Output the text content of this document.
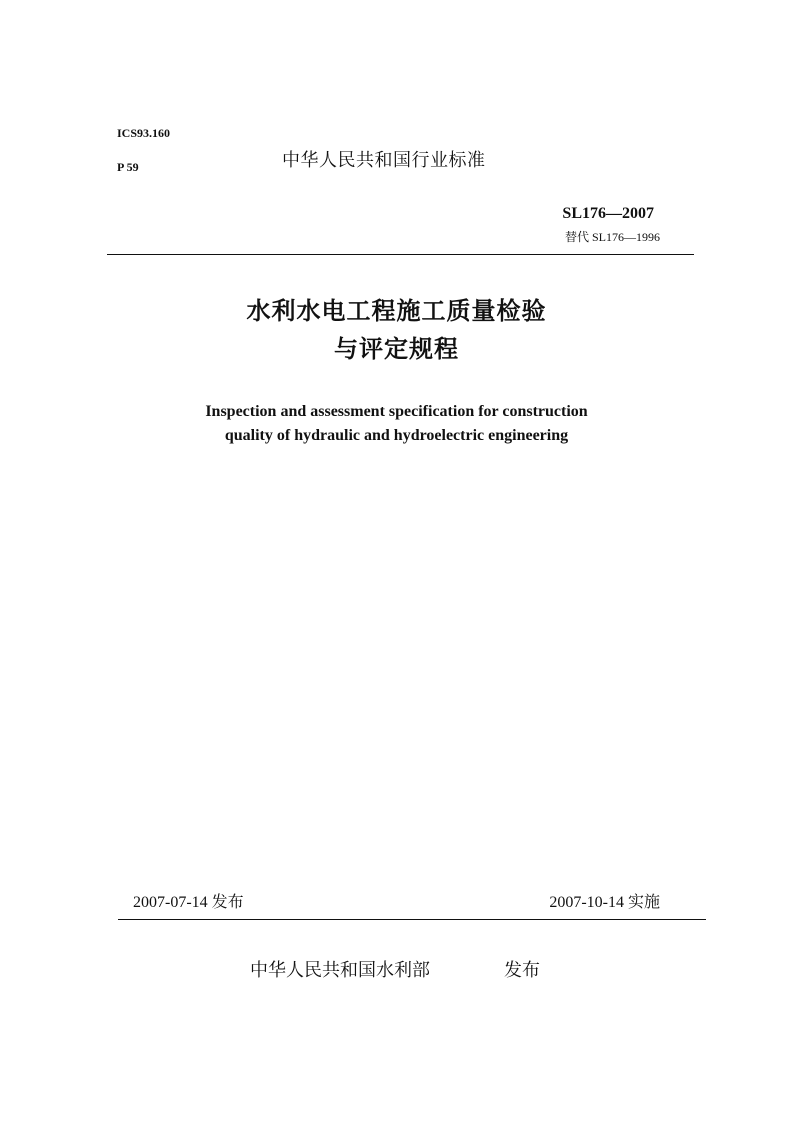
ICS93.160
P 59	中华人民共和国行业标准
SL176—2007
替代 SL176—1996
水利水电工程施工质量检验
与评定规程
Inspection and assessment specification for construction
quality of hydraulic and hydroelectric engineering
2007-07-14 发布	2007-10-14 实施
中华人民共和国水利部	发布
